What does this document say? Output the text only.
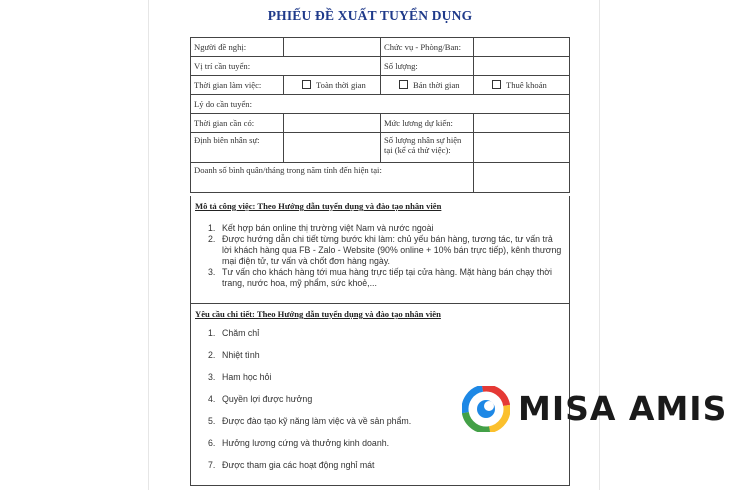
PHIẾU ĐỀ XUẤT TUYỂN DỤNG
Người đề nghị:		Chức vụ - Phòng/Ban:	
Vị trí cần tuyển:		Số lượng:	
Thời gian làm việc:	Toàn thời gian	Bán thời gian	Thuê khoán
Lý do cần tuyển:			
Thời gian cần có:		Mức lương dự kiến:	
Định biên nhân sự:		Số lượng nhân sự hiện tại (kể cả thử việc):	
Doanh số bình quân/tháng trong năm tính đến hiện tại:			
Mô tả công việc: Theo Hướng dẫn tuyển dụng và đào tạo nhân viên
1. Kết hợp bán online thị trường việt Nam và nước ngoài
2. Được hướng dẫn chi tiết từng bước khi làm: chủ yếu bán hàng, tương tác, tư vấn trả lời khách hàng qua FB - Zalo - Website (90% online + 10% bán trực tiếp), kênh thương mại điện tử, tư vấn và chốt đơn hàng ngày.
3. Tư vấn cho khách hàng tới mua hàng trực tiếp tại cửa hàng. Mặt hàng bán chạy thời trang, nước hoa, mỹ phẩm, sức khoẻ,...
Yêu cầu chi tiết: Theo Hướng dẫn tuyển dụng và đào tạo nhân viên
1. Chăm chỉ
2. Nhiệt tình
3. Ham học hỏi
4. Quyền lợi được hưởng
5. Được đào tạo kỹ năng làm việc và về sản phẩm.
6. Hưởng lương cứng và thưởng kinh doanh.
7. Được tham gia các hoạt động nghỉ mát
MISA AMIS
